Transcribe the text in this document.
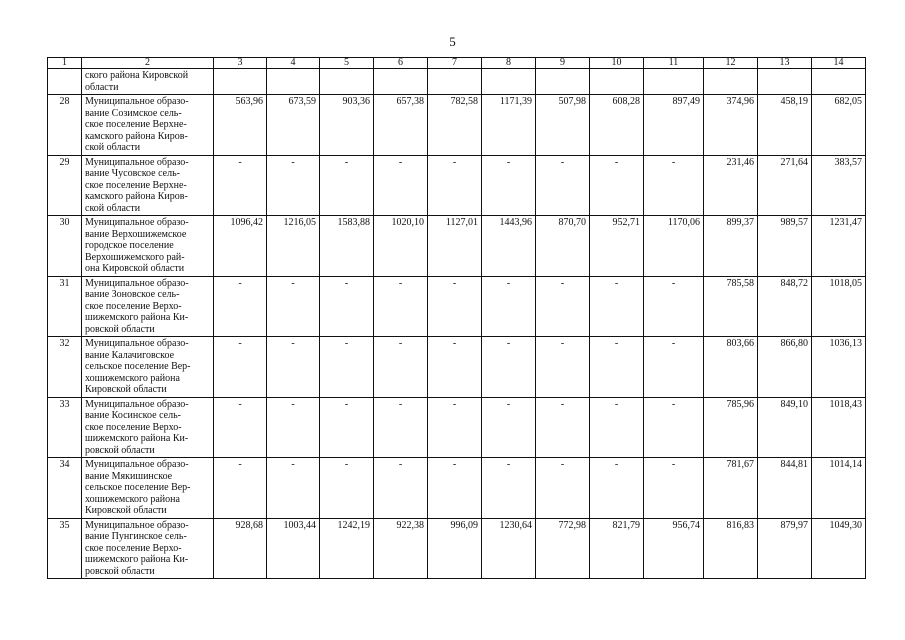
5
1	2	3	4	5	6	7	8	9	10	11	12	13	14

	ского района Кировской
области												

28	Муниципальное образо-
вание Созимское сель-
ское поселение Верхне-
камского района Киров-
ской области	563,96	673,59	903,36	657,38	782,58	1171,39	507,98	608,28	897,49	374,96	458,19	682,05
29	Муниципальное образо-
вание Чусовское сель-
ское поселение Верхне-
камского района Киров-
ской области	-	-	-	-	-	-	-	-	-	231,46	271,64	383,57
30	Муниципальное образо-
вание Верхошижемское
городское поселение
Верхошижемского рай-
она Кировской области	1096,42	1216,05	1583,88	1020,10	1127,01	1443,96	870,70	952,71	1170,06	899,37	989,57	1231,47
31	Муниципальное образо-
вание Зоновское сель-
ское поселение Верхо-
шижемского района Ки-
ровской области	-	-	-	-	-	-	-	-	-	785,58	848,72	1018,05
32	Муниципальное образо-
вание Калачиговское
сельское поселение Вер-
хошижемского района
Кировской области	-	-	-	-	-	-	-	-	-	803,66	866,80	1036,13
33	Муниципальное образо-
вание Косинское сель-
ское поселение Верхо-
шижемского района Ки-
ровской области	-	-	-	-	-	-	-	-	-	785,96	849,10	1018,43
34	Муниципальное образо-
вание Мякишинское
сельское поселение Вер-
хошижемского района
Кировской области	-	-	-	-	-	-	-	-	-	781,67	844,81	1014,14
35	Муниципальное образо-
вание Пунгинское сель-
ское поселение Верхо-
шижемского района Ки-
ровской области	928,68	1003,44	1242,19	922,38	996,09	1230,64	772,98	821,79	956,74	816,83	879,97	1049,30
